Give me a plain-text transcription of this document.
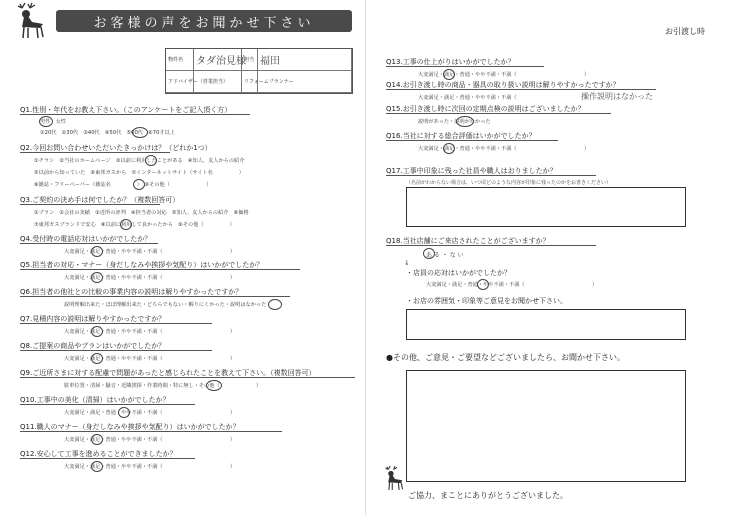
お客様の声をお聞かせ下さい
物件名	タダ治見様
担当 福田
アドバイザー（営業担当）	リフォームプランナー
Q1.性別・年代をお教え下さい。（このアンケートをご記入頂く方）
男性　女性
①20代　②30代　③40代　④50代　⑤60代　⑥70才以上
Q2.今回お問い合わせいただいたきっかけは？（どれか1つ）
①チラシ　②当社のホームページ　③以前に利用したことがある　④知人、友人からの紹介
⑤以前から知っていた　⑥東邦ガスから　⑦インターネットサイト（サイト名　　　　　）
⑧雑誌・フリーペーパー（雑誌名　　　　　）　⑨その他（　　　　　　　）
Q3.ご契約の決め手は何でしたか？（複数回答可）
①プラン　②会社の実績　③近所の評判　④担当者の対応　⑤知人、友人からの紹介　⑥価格
⑦東邦ガスブランドで安心　⑧以前に利用して良かったから　⑨その他（　　　　　）
Q4.受付時の電話応対はいかがでしたか？
大変満足・満足・普通・やや不満・不満（　　　　　　　　　　　　　）
Q5.担当者の対応・マナー（身だしなみや挨拶や気配り）はいかがでしたか？
大変満足・満足・普通・やや不満・不満（　　　　　　　　　　　　　）
Q6.担当者の他社との比較の事業内容の説明は解りやすかったですか？
説明理解出来た・ほぼ理解出来た・どちらでもない・解りにくかった・説明はなかった
Q7.見積内容の説明は解りやすかったですか？
大変満足・満足・普通・やや不満・不満（　　　　　　　　　　　　　）
Q8.ご提案の商品やプランはいかがでしたか？
大変満足・満足・普通・やや不満・不満（　　　　　　　　　　　　　）
Q9.ご近所さまに対する配慮で問題があったと感じられたことを教えて下さい。（複数回答可）
駐車位置・清掃・騒音・近隣挨拶・作業時間・特に無し・その他（　　　　　　　）
Q10.工事中の美化（清掃）はいかがでしたか？
大変満足・満足・普通・やや不満・不満（　　　　　　　　　　　　　）
Q11.職人のマナー（身だしなみや挨拶や気配り）はいかがでしたか？
大変満足・満足・普通・やや不満・不満（　　　　　　　　　　　　　）
Q12.安心して工事を進めることができましたか？
大変満足・満足・普通・やや不満・不満（　　　　　　　　　　　　　）
お引渡し時
Q13.工事の仕上がりはいかがでしたか？
大変満足・満足・普通・やや不満・不満（　　　　　　　　　　　　　）
Q14.お引き渡し時の商品・器具の取り扱い説明は解りやすかったですか？
大変満足・満足・普通・やや不満・不満（　　　　　　　　　　　　　）
操作説明はなかった
Q15.お引き渡し時に次回の定期点検の説明はございましたか？
説明があった・説明がなかった
Q16.当社に対する総合評価はいかがでしたか？
大変満足・満足・普通・やや不満・不満（　　　　　　　　　　　　　）
Q17.工事中印象に残った社員や職人はおりましたか？
（名前がわからない場合は、いつ頃どのような内容が印象に残ったのかをお書きください）
Q18.当社店舗にご来店されたことがございますか？
あ る ・ な い
↓
・店員の応対はいかがでしたか？
大変満足・満足・普通・やや不満・不満（　　　　　　　　　　　　　）
・お店の雰囲気・印象等ご意見をお聞かせ下さい。
●その他、ご意見・ご要望などございましたら、お聞かせ下さい。
ご協力、まことにありがとうございました。
